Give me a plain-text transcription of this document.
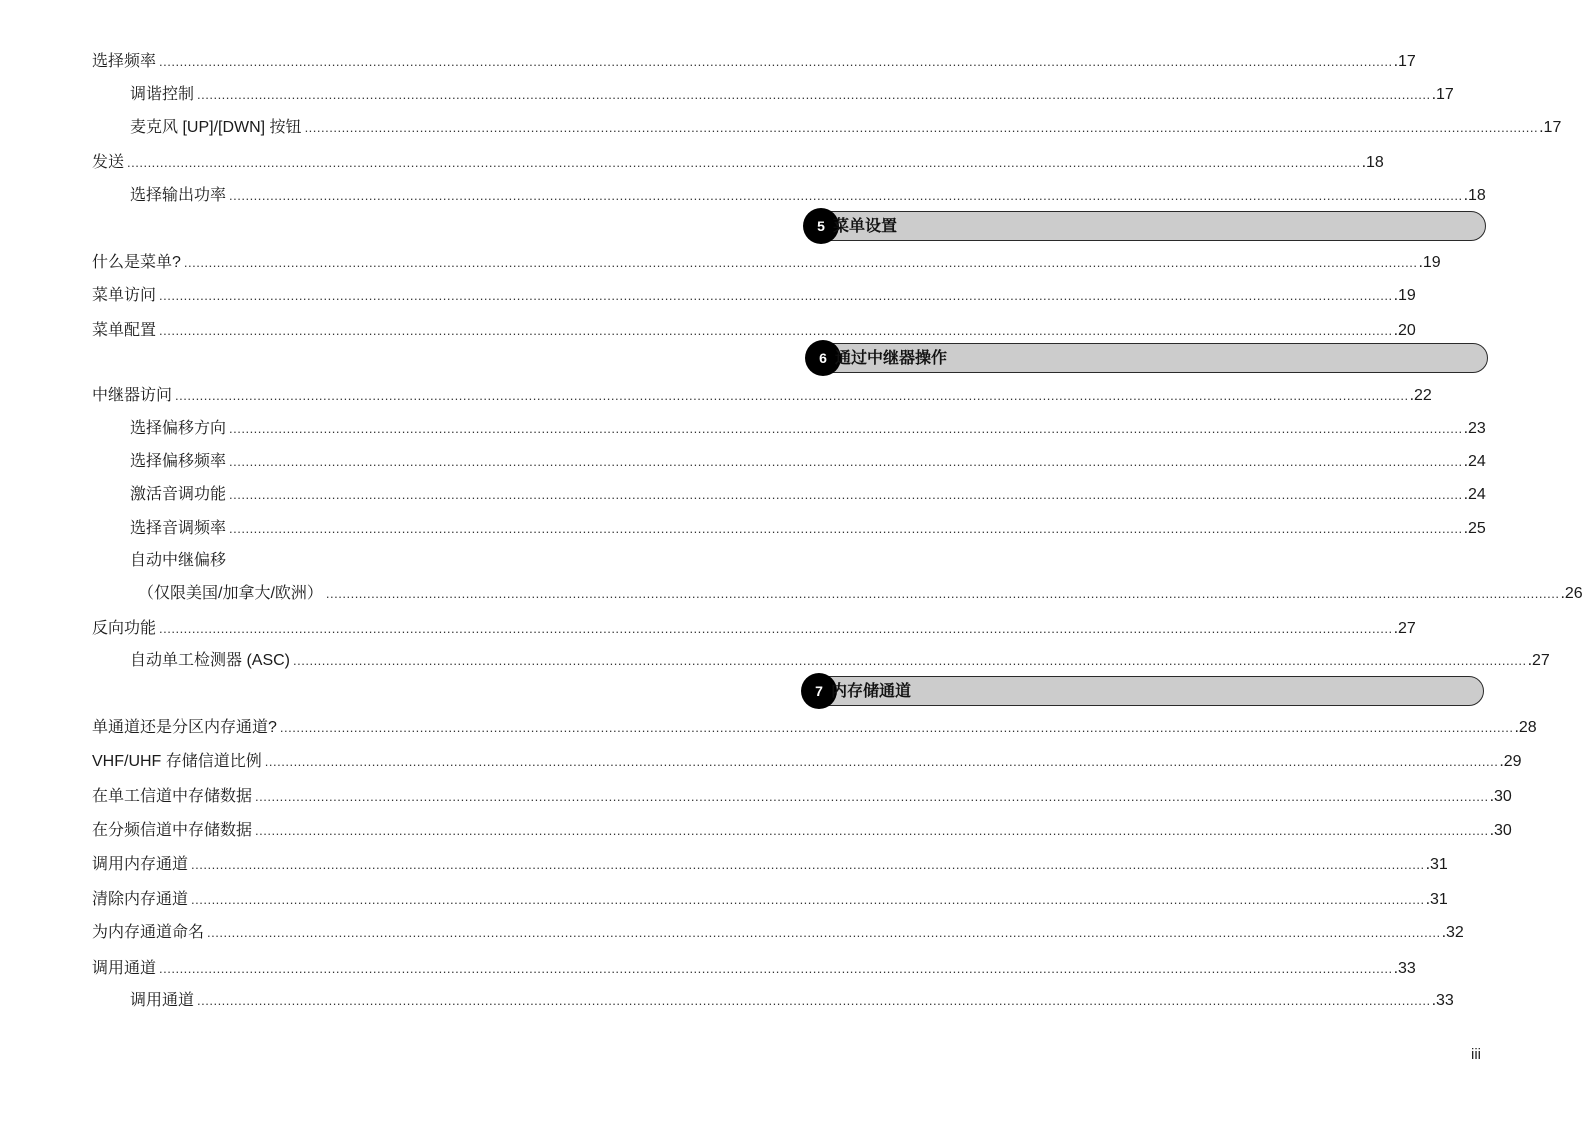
选择频率 ............................................................................................................................................................................................................................................................................................................ .17
调谐控制 ............................................................................................................................................................................................................................................................................................................ .17
麦克风 [UP]/[DWN] 按钮 ............................................................................................................................................................................................................................................................................................................ .17
发送 ............................................................................................................................................................................................................................................................................................................ .18
选择输出功率 ............................................................................................................................................................................................................................................................................................................ .18
什么是菜单? ............................................................................................................................................................................................................................................................................................................ .19
菜单访问 ............................................................................................................................................................................................................................................................................................................ .19
菜单配置 ............................................................................................................................................................................................................................................................................................................ .20
中继器访问 ............................................................................................................................................................................................................................................................................................................ .22
选择偏移方向 ............................................................................................................................................................................................................................................................................................................ .23
选择偏移频率 ............................................................................................................................................................................................................................................................................................................ .24
激活音调功能 ............................................................................................................................................................................................................................................................................................................ .24
选择音调频率 ............................................................................................................................................................................................................................................................................................................ .25
自动中继偏移
（仅限美国/加拿大/欧洲） ............................................................................................................................................................................................................................................................................................................ .26
反向功能 ............................................................................................................................................................................................................................................................................................................ .27
自动单工检测器 (ASC) ............................................................................................................................................................................................................................................................................................................ .27
单通道还是分区内存通道? ............................................................................................................................................................................................................................................................................................................ .28
VHF/UHF 存储信道比例 ............................................................................................................................................................................................................................................................................................................ .29
在单工信道中存储数据 ............................................................................................................................................................................................................................................................................................................ .30
在分频信道中存储数据 ............................................................................................................................................................................................................................................................................................................ .30
调用内存通道 ............................................................................................................................................................................................................................................................................................................ .31
清除内存通道 ............................................................................................................................................................................................................................................................................................................ .31
为内存通道命名 ............................................................................................................................................................................................................................................................................................................ .32
调用通道 ............................................................................................................................................................................................................................................................................................................ .33
调用通道 ............................................................................................................................................................................................................................................................................................................ .33
5 菜单设置
6 通过中继器操作
7 内存储通道
iii
